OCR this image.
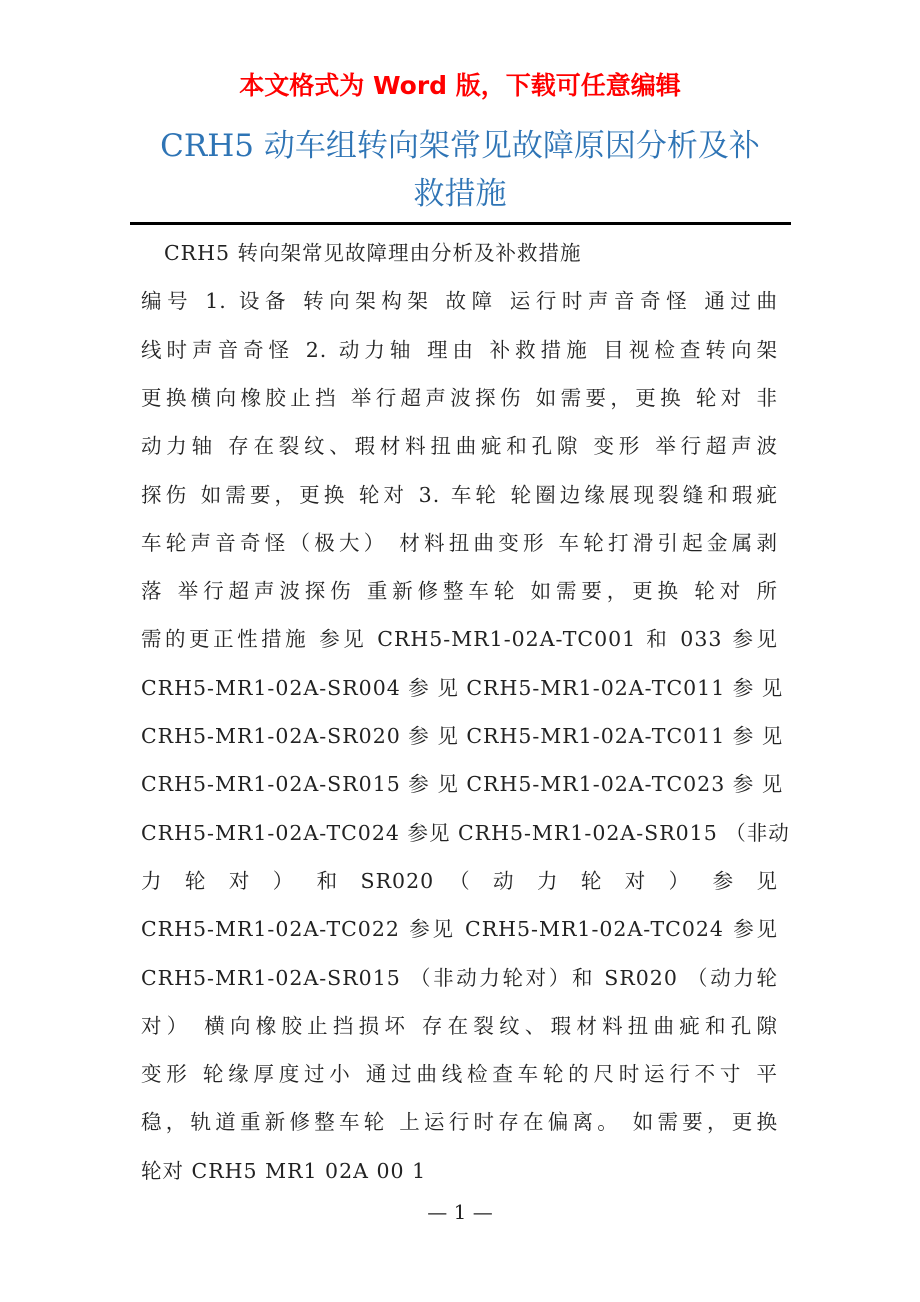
本文格式为 Word 版，下载可任意编辑
CRH5 动车组转向架常见故障原因分析及补
救措施
CRH5 转向架常见故障理由分析及补救措施
编号 1. 设备 转向架构架 故障 运行时声音奇怪 通过曲
线时声音奇怪 2. 动力轴 理由 补救措施 目视检查转向架
更换横向橡胶止挡 举行超声波探伤 如需要，更换 轮对 非
动力轴 存在裂纹、瑕材料扭曲疵和孔隙 变形 举行超声波
探伤 如需要，更换 轮对 3. 车轮 轮圈边缘展现裂缝和瑕疵
车轮声音奇怪（极大） 材料扭曲变形 车轮打滑引起金属剥
落 举行超声波探伤 重新修整车轮 如需要，更换 轮对 所
需的更正性措施 参见 CRH5-MR1-02A-TC001 和 033 参见
CRH5-MR1-02A-SR004 参 见 CRH5-MR1-02A-TC011 参 见
CRH5-MR1-02A-SR020 参 见 CRH5-MR1-02A-TC011 参 见
CRH5-MR1-02A-SR015 参 见 CRH5-MR1-02A-TC023 参 见
CRH5-MR1-02A-TC024 参见 CRH5-MR1-02A-SR015 （非动
力 轮 对 ） 和 SR020 （ 动 力 轮 对 ） 参 见
CRH5-MR1-02A-TC022 参见 CRH5-MR1-02A-TC024 参见
CRH5-MR1-02A-SR015 （非动力轮对）和 SR020 （动力轮
对） 横向橡胶止挡损坏 存在裂纹、瑕材料扭曲疵和孔隙
变形 轮缘厚度过小 通过曲线检查车轮的尺时运行不寸 平
稳，轨道重新修整车轮 上运行时存在偏离。 如需要，更换
轮对 CRH5 MR1 02A 00 1
— 1 —
